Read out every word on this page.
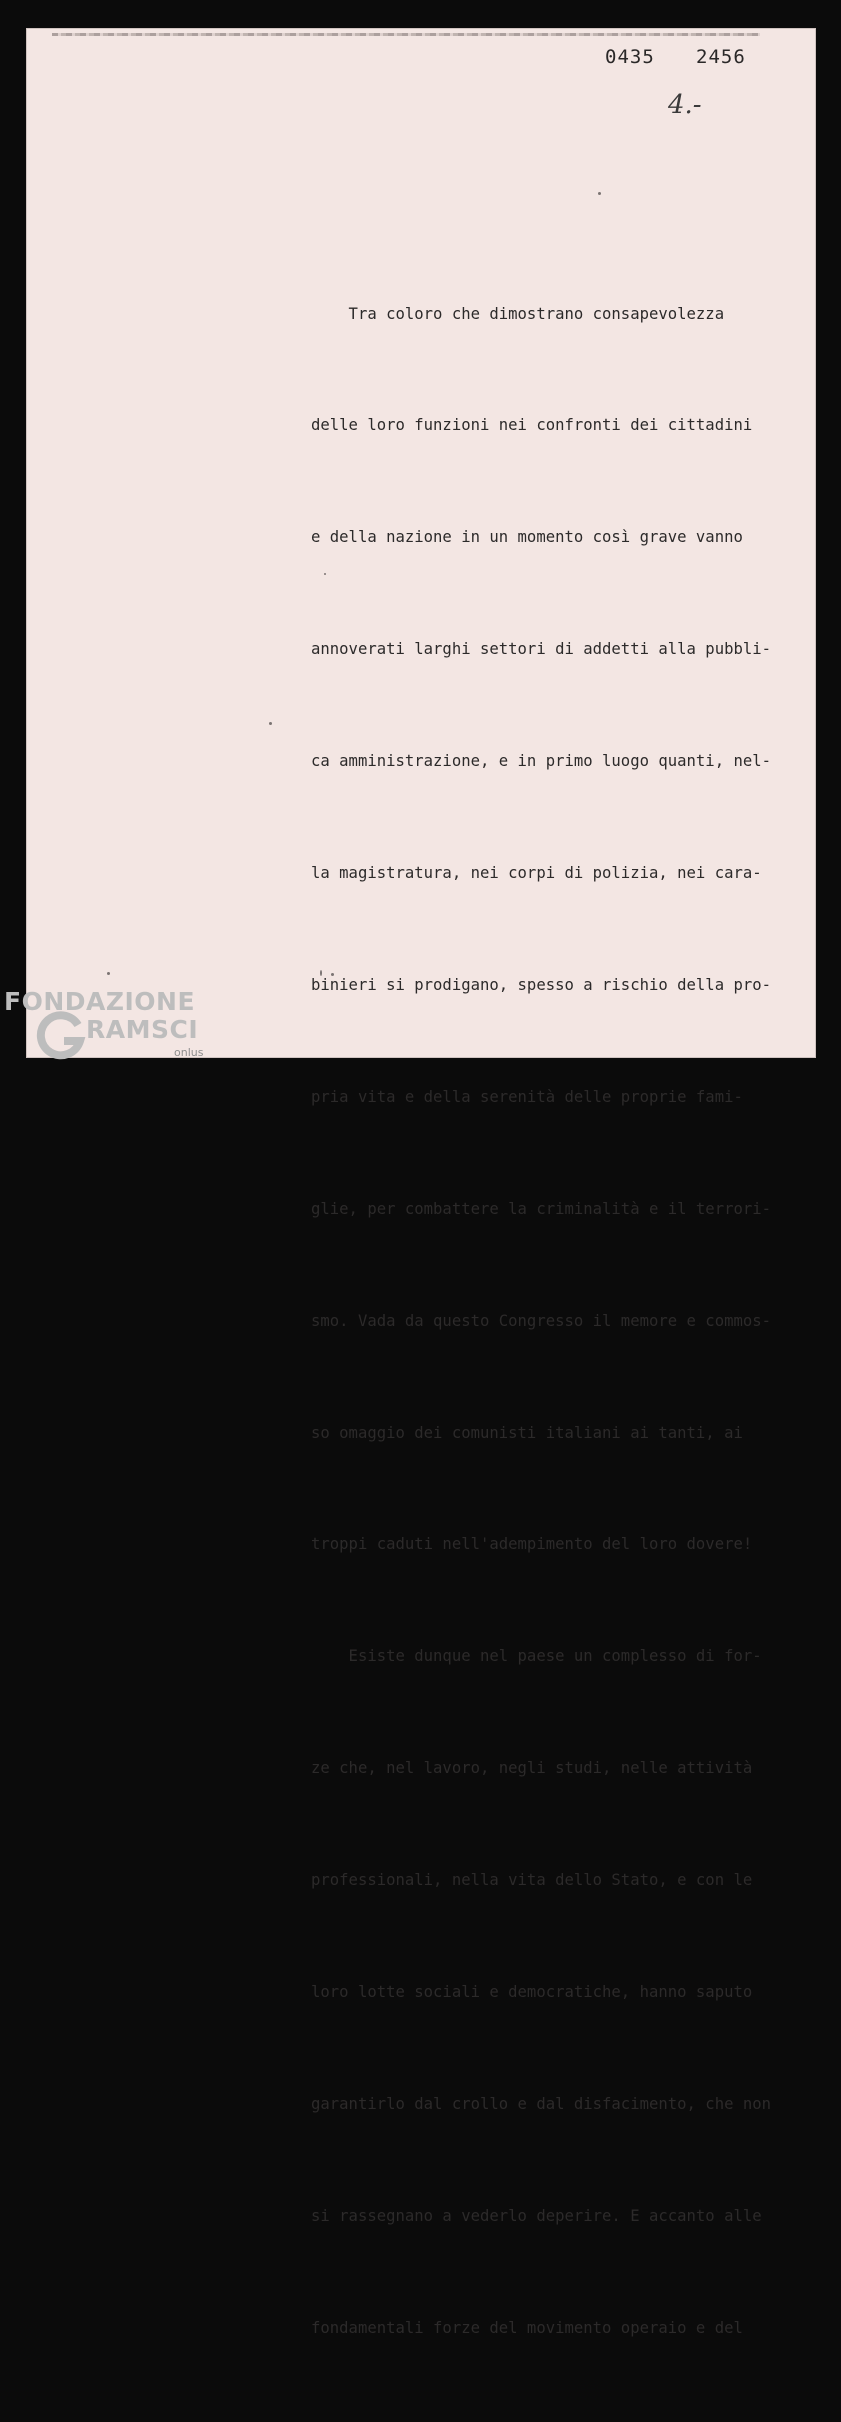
0435 2456
4.-

Tra coloro che dimostrano consapevolezza

delle loro funzioni nei confronti dei cittadini

e della nazione in un momento così grave vanno

annoverati larghi settori di addetti alla pubbli-

ca amministrazione, e in primo luogo quanti, nel-

la magistratura, nei corpi di polizia, nei cara-

binieri si prodigano, spesso a rischio della pro-

pria vita e della serenità delle proprie fami-

glie, per combattere la criminalità e il terrori-

smo. Vada da questo Congresso il memore e commos-

so omaggio dei comunisti italiani ai tanti, ai

troppi caduti nell'adempimento del loro dovere!

Esiste dunque nel paese un complesso di for-

ze che, nel lavoro, negli studi, nelle attività

professionali, nella vita dello Stato, e con le

loro lotte sociali e democratiche, hanno saputo

garantirlo dal crollo e dal disfacimento, che non

si rassegnano a vederlo deperire. E accanto alle

fondamentali forze del movimento operaio e del

FONDAZIONE
RAMSCI
onlus
